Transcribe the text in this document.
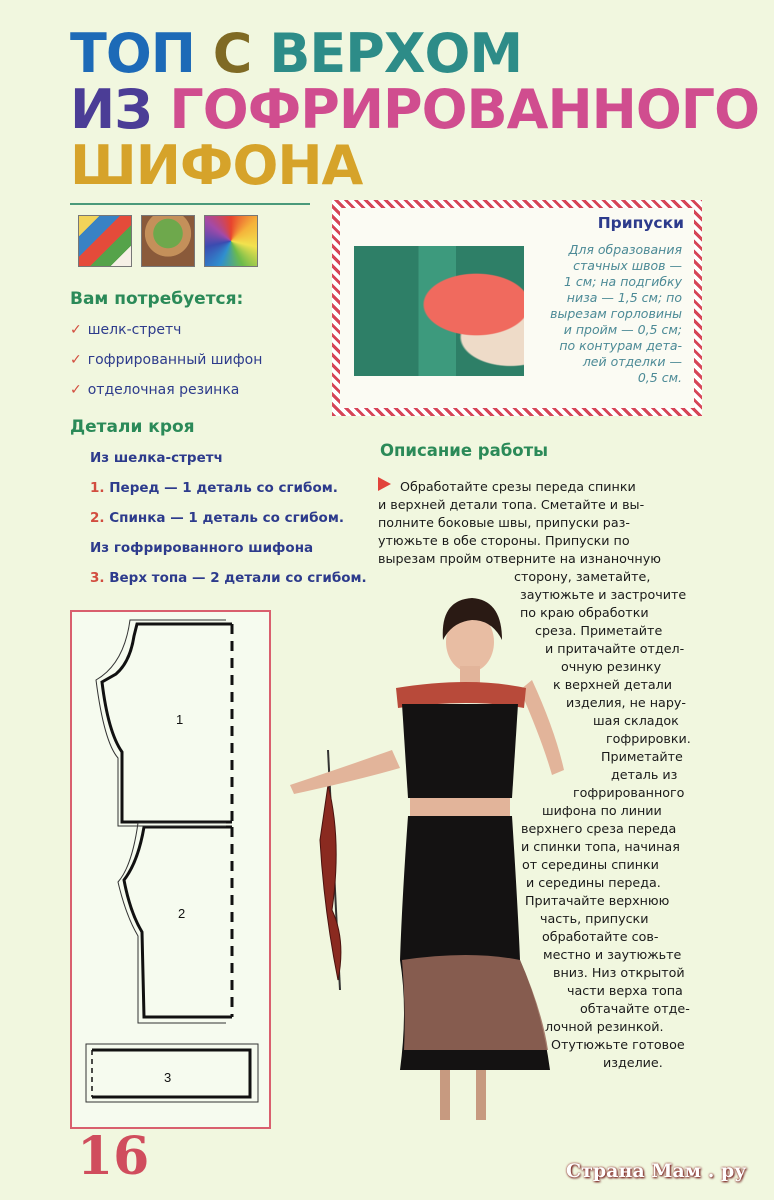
ТОП С ВЕРХОМ
ИЗ ГОФРИРОВАННОГО
ШИФОНА
Вам потребуется:
✓ шелк-стретч
✓ гофрированный шифон
✓ отделочная резинка
Детали кроя
Из шелка-стретч
1. Перед — 1 деталь со сгибом.
2. Спинка — 1 деталь со сгибом.
Из гофрированного шифона
3. Верх топа — 2 детали со сгибом.
Припуски
Для образования
стачных швов —
1 см; на подгибку
низа — 1,5 см; по
вырезам горловины
и пройм — 0,5 см;
по контурам дета-
лей отделки —
0,5 см.
Описание работы
Обработайте срезы переда спинки
и верхней детали топа. Сметайте и вы-
полните боковые швы, припуски раз-
утюжьте в обе стороны. Припуски по
вырезам пройм отверните на изнаночную
сторону, заметайте,
заутюжьте и застрочите
по краю обработки
среза. Приметайте
и притачайте отдел-
очную резинку
к верхней детали
изделия, не нару-
шая складок
гофрировки.
Приметайте
деталь из
гофрированного
шифона по линии
верхнего среза переда
и спинки топа, начиная
от середины спинки
и середины переда.
Притачайте верхнюю
часть, припуски
обработайте сов-
местно и заутюжьте
вниз. Низ открытой
части верха топа
обтачайте отде-
лочной резинкой.
Отутюжьте готовое
изделие.
1
2
3
16	Страна Мам . ру
